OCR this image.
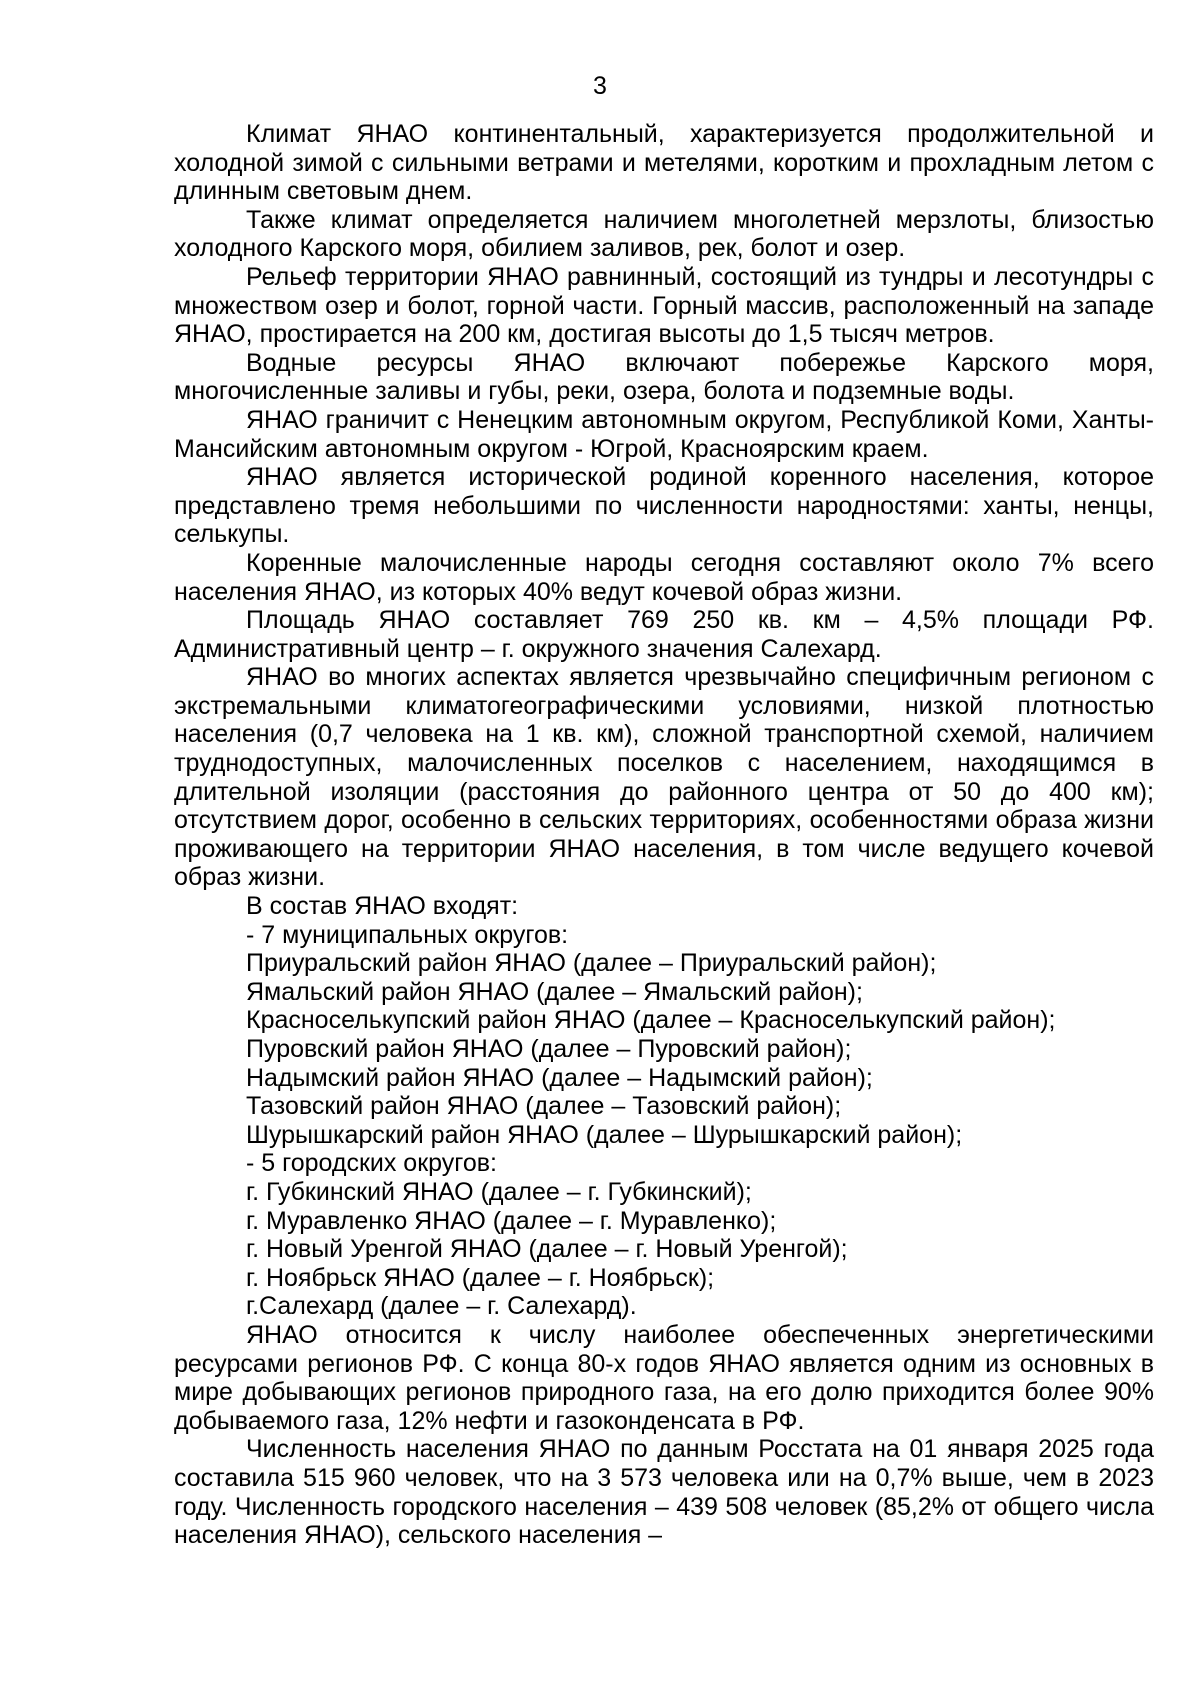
3

Климат ЯНАО континентальный, характеризуется продолжительной и холодной зимой с сильными ветрами и метелями, коротким и прохладным летом с длинным световым днем.

Также климат определяется наличием многолетней мерзлоты, близостью холодного Карского моря, обилием заливов, рек, болот и озер.

Рельеф территории ЯНАО равнинный, состоящий из тундры и лесотундры с множеством озер и болот, горной части. Горный массив, расположенный на западе ЯНАО, простирается на 200 км, достигая высоты до 1,5 тысяч метров.

Водные ресурсы ЯНАО включают побережье Карского моря, многочисленные заливы и губы, реки, озера, болота и подземные воды.

ЯНАО граничит с Ненецким автономным округом, Республикой Коми, Ханты-Мансийским автономным округом - Югрой, Красноярским краем.

ЯНАО является исторической родиной коренного населения, которое представлено тремя небольшими по численности народностями: ханты, ненцы, селькупы.

Коренные малочисленные народы сегодня составляют около 7% всего населения ЯНАО, из которых 40% ведут кочевой образ жизни.

Площадь ЯНАО составляет 769 250 кв. км – 4,5% площади РФ. Административный центр – г. окружного значения Салехард.

ЯНАО во многих аспектах является чрезвычайно специфичным регионом с экстремальными климатогеографическими условиями, низкой плотностью населения (0,7 человека на 1 кв. км), сложной транспортной схемой, наличием труднодоступных, малочисленных поселков с населением, находящимся в длительной изоляции (расстояния до районного центра от 50 до 400 км); отсутствием дорог, особенно в сельских территориях, особенностями образа жизни проживающего на территории ЯНАО населения, в том числе ведущего кочевой образ жизни.

В состав ЯНАО входят:

- 7 муниципальных округов:

Приуральский район ЯНАО (далее – Приуральский район);

Ямальский район ЯНАО (далее – Ямальский район);

Красноселькупский район ЯНАО (далее – Красноселькупский район);

Пуровский район ЯНАО (далее – Пуровский район);

Надымский район ЯНАО (далее – Надымский район);

Тазовский район ЯНАО (далее – Тазовский район);

Шурышкарский район ЯНАО (далее – Шурышкарский район);

- 5 городских округов:

г. Губкинский ЯНАО (далее – г. Губкинский);

г. Муравленко ЯНАО (далее – г. Муравленко);

г. Новый Уренгой ЯНАО (далее – г. Новый Уренгой);

г. Ноябрьск ЯНАО (далее – г. Ноябрьск);

г.Салехард (далее – г. Салехард).

ЯНАО относится к числу наиболее обеспеченных энергетическими ресурсами регионов РФ. С конца 80-х годов ЯНАО является одним из основных в мире добывающих регионов природного газа, на его долю приходится более 90% добываемого газа, 12% нефти и газоконденсата в РФ.

Численность населения ЯНАО по данным Росстата на 01 января 2025 года составила 515 960 человек, что на 3 573 человека или на 0,7% выше, чем в 2023 году. Численность городского населения – 439 508 человек (85,2% от общего числа населения ЯНАО), сельского населения –
